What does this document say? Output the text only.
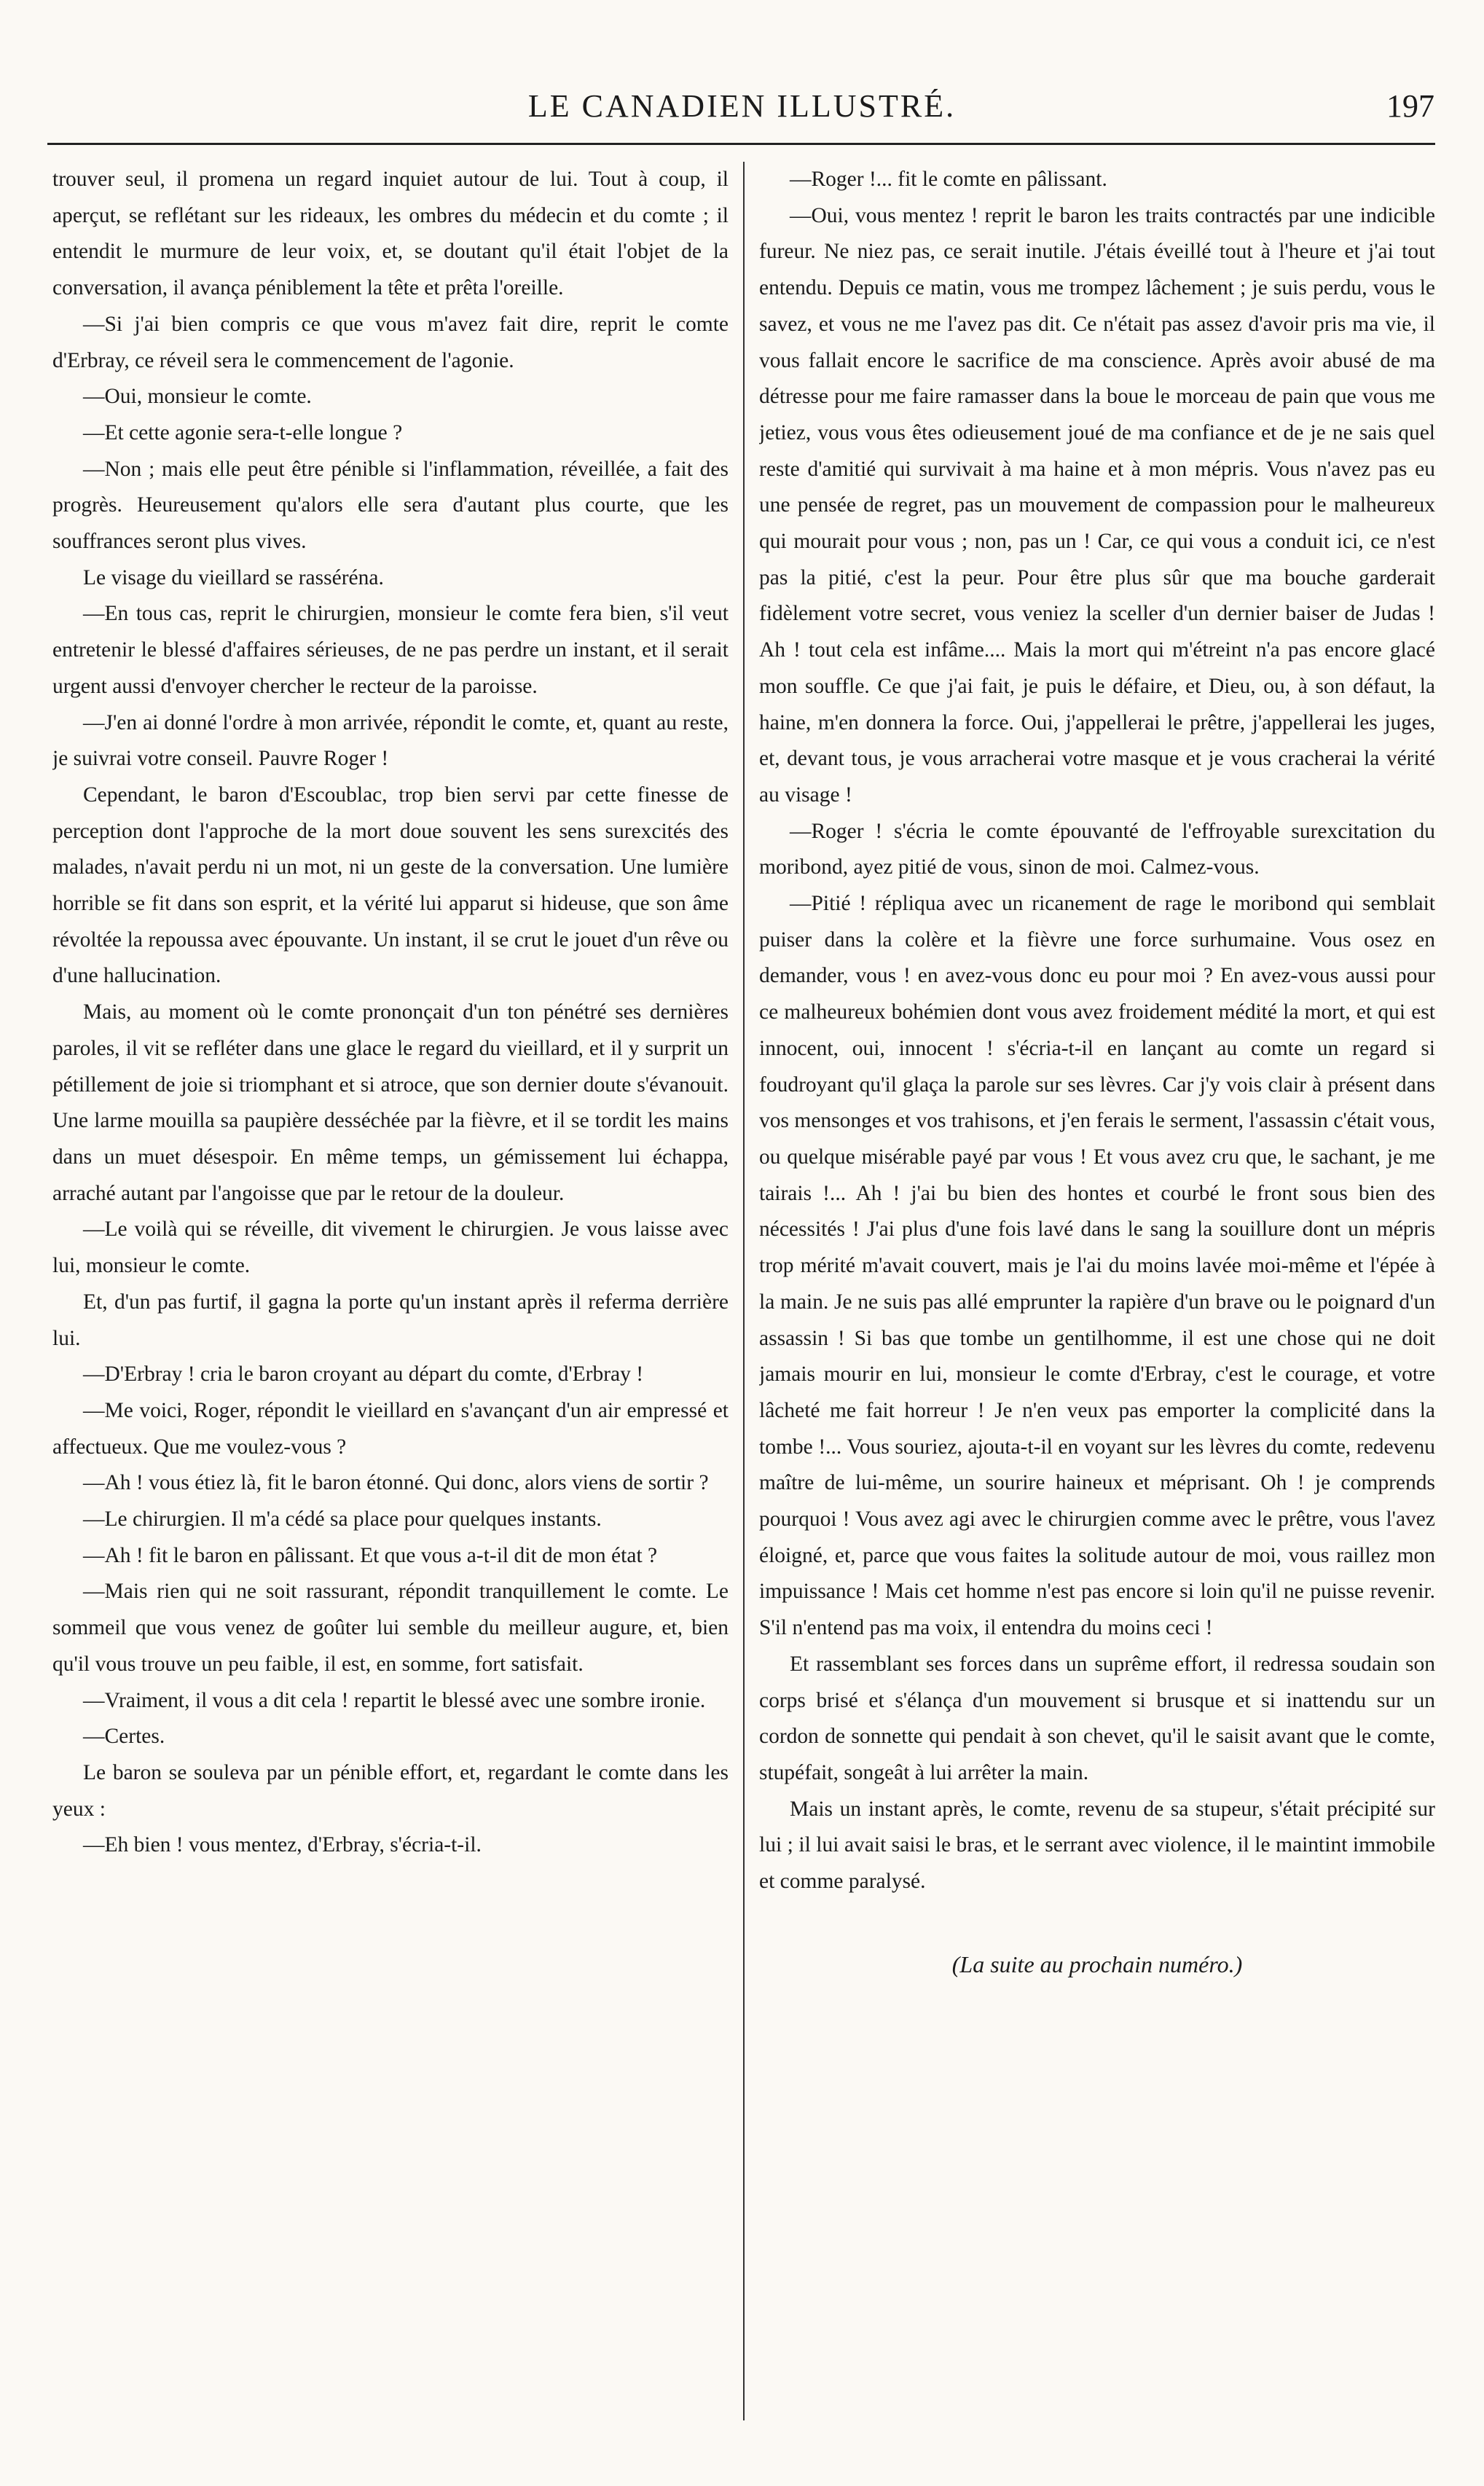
LE CANADIEN ILLUSTRÉ.	197

trouver seul, il promena un regard inquiet autour de lui. Tout à coup, il aperçut, se reflétant sur les rideaux, les ombres du médecin et du comte ; il entendit le murmure de leur voix, et, se doutant qu'il était l'objet de la conversation, il avança péniblement la tête et prêta l'oreille.

—Si j'ai bien compris ce que vous m'avez fait dire, reprit le comte d'Erbray, ce réveil sera le commencement de l'agonie.

—Oui, monsieur le comte.

—Et cette agonie sera-t-elle longue ?

—Non ; mais elle peut être pénible si l'inflammation, réveillée, a fait des progrès. Heureusement qu'alors elle sera d'autant plus courte, que les souffrances seront plus vives.

Le visage du vieillard se rasséréna.

—En tous cas, reprit le chirurgien, monsieur le comte fera bien, s'il veut entretenir le blessé d'affaires sérieuses, de ne pas perdre un instant, et il serait urgent aussi d'envoyer chercher le recteur de la paroisse.

—J'en ai donné l'ordre à mon arrivée, répondit le comte, et, quant au reste, je suivrai votre conseil. Pauvre Roger !

Cependant, le baron d'Escoublac, trop bien servi par cette finesse de perception dont l'approche de la mort doue souvent les sens surexcités des malades, n'avait perdu ni un mot, ni un geste de la conversation. Une lumière horrible se fit dans son esprit, et la vérité lui apparut si hideuse, que son âme révoltée la repoussa avec épouvante. Un instant, il se crut le jouet d'un rêve ou d'une hallucination.

Mais, au moment où le comte prononçait d'un ton pénétré ses dernières paroles, il vit se refléter dans une glace le regard du vieillard, et il y surprit un pétillement de joie si triomphant et si atroce, que son dernier doute s'évanouit. Une larme mouilla sa paupière desséchée par la fièvre, et il se tordit les mains dans un muet désespoir. En même temps, un gémissement lui échappa, arraché autant par l'angoisse que par le retour de la douleur.

—Le voilà qui se réveille, dit vivement le chirurgien. Je vous laisse avec lui, monsieur le comte.

Et, d'un pas furtif, il gagna la porte qu'un instant après il referma derrière lui.

—D'Erbray ! cria le baron croyant au départ du comte, d'Erbray !

—Me voici, Roger, répondit le vieillard en s'avançant d'un air empressé et affectueux. Que me voulez-vous ?

—Ah ! vous étiez là, fit le baron étonné. Qui donc, alors viens de sortir ?

—Le chirurgien. Il m'a cédé sa place pour quelques instants.

—Ah ! fit le baron en pâlissant. Et que vous a-t-il dit de mon état ?

—Mais rien qui ne soit rassurant, répondit tranquillement le comte. Le sommeil que vous venez de goûter lui semble du meilleur augure, et, bien qu'il vous trouve un peu faible, il est, en somme, fort satisfait.

—Vraiment, il vous a dit cela ! repartit le blessé avec une sombre ironie.

—Certes.

Le baron se souleva par un pénible effort, et, regardant le comte dans les yeux :

—Eh bien ! vous mentez, d'Erbray, s'écria-t-il.

—Roger !... fit le comte en pâlissant.

—Oui, vous mentez ! reprit le baron les traits contractés par une indicible fureur. Ne niez pas, ce serait inutile. J'étais éveillé tout à l'heure et j'ai tout entendu. Depuis ce matin, vous me trompez lâchement ; je suis perdu, vous le savez, et vous ne me l'avez pas dit. Ce n'était pas assez d'avoir pris ma vie, il vous fallait encore le sacrifice de ma conscience. Après avoir abusé de ma détresse pour me faire ramasser dans la boue le morceau de pain que vous me jetiez, vous vous êtes odieusement joué de ma confiance et de je ne sais quel reste d'amitié qui survivait à ma haine et à mon mépris. Vous n'avez pas eu une pensée de regret, pas un mouvement de compassion pour le malheureux qui mourait pour vous ; non, pas un ! Car, ce qui vous a conduit ici, ce n'est pas la pitié, c'est la peur. Pour être plus sûr que ma bouche garderait fidèlement votre secret, vous veniez la sceller d'un dernier baiser de Judas ! Ah ! tout cela est infâme.... Mais la mort qui m'étreint n'a pas encore glacé mon souffle. Ce que j'ai fait, je puis le défaire, et Dieu, ou, à son défaut, la haine, m'en donnera la force. Oui, j'appellerai le prêtre, j'appellerai les juges, et, devant tous, je vous arracherai votre masque et je vous cracherai la vérité au visage !

—Roger ! s'écria le comte épouvanté de l'effroyable surexcitation du moribond, ayez pitié de vous, sinon de moi. Calmez-vous.

—Pitié ! répliqua avec un ricanement de rage le moribond qui semblait puiser dans la colère et la fièvre une force surhumaine. Vous osez en demander, vous ! en avez-vous donc eu pour moi ? En avez-vous aussi pour ce malheureux bohémien dont vous avez froidement médité la mort, et qui est innocent, oui, innocent ! s'écria-t-il en lançant au comte un regard si foudroyant qu'il glaça la parole sur ses lèvres. Car j'y vois clair à présent dans vos mensonges et vos trahisons, et j'en ferais le serment, l'assassin c'était vous, ou quelque misérable payé par vous ! Et vous avez cru que, le sachant, je me tairais !... Ah ! j'ai bu bien des hontes et courbé le front sous bien des nécessités ! J'ai plus d'une fois lavé dans le sang la souillure dont un mépris trop mérité m'avait couvert, mais je l'ai du moins lavée moi-même et l'épée à la main. Je ne suis pas allé emprunter la rapière d'un brave ou le poignard d'un assassin ! Si bas que tombe un gentilhomme, il est une chose qui ne doit jamais mourir en lui, monsieur le comte d'Erbray, c'est le courage, et votre lâcheté me fait horreur ! Je n'en veux pas emporter la complicité dans la tombe !... Vous souriez, ajouta-t-il en voyant sur les lèvres du comte, redevenu maître de lui-même, un sourire haineux et méprisant. Oh ! je comprends pourquoi ! Vous avez agi avec le chirurgien comme avec le prêtre, vous l'avez éloigné, et, parce que vous faites la solitude autour de moi, vous raillez mon impuissance ! Mais cet homme n'est pas encore si loin qu'il ne puisse revenir. S'il n'entend pas ma voix, il entendra du moins ceci !

Et rassemblant ses forces dans un suprême effort, il redressa soudain son corps brisé et s'élança d'un mouvement si brusque et si inattendu sur un cordon de sonnette qui pendait à son chevet, qu'il le saisit avant que le comte, stupéfait, songeât à lui arrêter la main.

Mais un instant après, le comte, revenu de sa stupeur, s'était précipité sur lui ; il lui avait saisi le bras, et le serrant avec violence, il le maintint immobile et comme paralysé.

(La suite au prochain numéro.)
